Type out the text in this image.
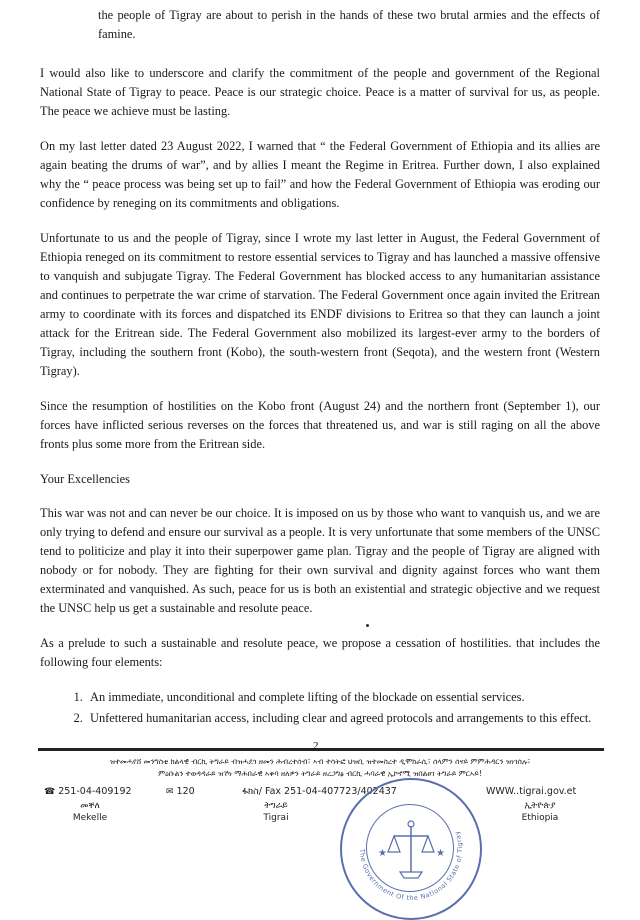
the people of Tigray are about to perish in the hands of these two brutal armies and the effects of famine.

I would also like to underscore and clarify the commitment of the people and government of the Regional National State of Tigray to peace. Peace is our strategic choice. Peace is a matter of survival for us, as people. The peace we achieve must be lasting.

On my last letter dated 23 August 2022, I warned that “ the Federal Government of Ethiopia and its allies are again beating the drums of war”, and by allies I meant the Regime in Eritrea. Further down, I also explained why the “ peace process was being set up to fail” and how the Federal Government of Ethiopia was eroding our confidence by reneging on its commitments and obligations.

Unfortunate to us and the people of Tigray, since I wrote my last letter in August, the Federal Government of Ethiopia reneged on its commitment to restore essential services to Tigray and has launched a massive offensive to vanquish and subjugate Tigray. The Federal Government has blocked access to any humanitarian assistance and continues to perpetrate the war crime of starvation. The Federal Government once again invited the Eritrean army to coordinate with its forces and dispatched its ENDF divisions to Eritrea so that they can launch a joint attack for the Eritrean side. The Federal Government also mobilized its largest-ever army to the borders of Tigray, including the southern front (Kobo), the south-western front (Seqota), and the western front (Western Tigray).

Since the resumption of hostilities on the Kobo front (August 24) and the northern front (September 1), our forces have inflicted serious reverses on the forces that threatened us, and war is still raging on all the above fronts plus some more from the Eritrean side.

Your Excellencies

This war was not and can never be our choice. It is imposed on us by those who want to vanquish us, and we are only trying to defend and ensure our survival as a people. It is very unfortunate that some members of the UNSC tend to politicize and play it into their superpower game plan. Tigray and the people of Tigray are aligned with nobody or for nobody. They are fighting for their own survival and dignity against forces who want them exterminated and vanquished. As such, peace for us is both an existential and strategic objective and we request the UNSC help us get a sustainable and resolute peace.

As a prelude to such a sustainable and resolute peace, we propose a cessation of hostilities. that includes the following four elements:

1. An immediate, unconditional and complete lifting of the blockade on essential services.
2. Unfettered humanitarian access, including clear and agreed protocols and arrangements to this effect.
2
ዝተመሓየሸ መንግስቲ ክልላዊ ብርኪ ትግራይ ብዝሓደጎ ዘመን ሕብረተሰብ፣ ኣብ ተሳትፎ ህዝቢ ዝተመስረተ ዲሞክራሲ፣ ሰላምን ሰናይ ምምሕዳርን ዝነገሰሉ፣
ምዕቡልን ተወዳዳራይ ዝኾነ ማሕበራዊ ኣቀባ ዘለዎን ትግራይ ዘረጋግፅ ብርኪ ሓባራዊ ኢኮኖሚ ዝበልፀገ ትግራይ ምርኣይ!
☎ 251-04-409192	✉ 120	ፋክስ/ Fax 251-04-407723/402437	WWW..tigrai.gov.et
መቐለ
Mekelle
ትግራይ
Tigrai
ኢትዮጵያ
Ethiopia
The Government Of the National State of Tigray
★	★
